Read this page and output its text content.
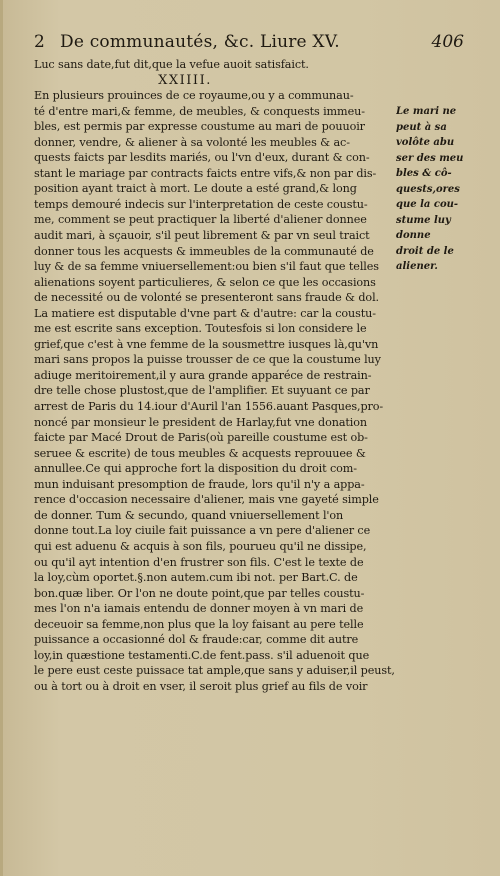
2 De communautés, &c. Liure XV.	406
Luc sans date,fut dit,que la vefue auoit satisfaict.
XXIIII.
En plusieurs prouinces de ce royaume,ou y a communau-
té d'entre mari,& femme, de meubles, & conquests immeu-
bles, est permis par expresse coustume au mari de pouuoir
donner, vendre, & aliener à sa volonté les meubles & ac-
quests faicts par lesdits mariés, ou l'vn d'eux, durant & con-
stant le mariage par contracts faicts entre vifs,& non par dis-
position ayant traict à mort. Le doute a esté grand,& long
temps demouré indecis sur l'interpretation de ceste coustu-
me, comment se peut practiquer la liberté d'aliener donnee
audit mari, à sçauoir, s'il peut librement & par vn seul traict
donner tous les acquests & immeubles de la communauté de
luy & de sa femme vniuersellement:ou bien s'il faut que telles
alienations soyent particulieres, & selon ce que les occasions
de necessité ou de volonté se presenteront sans fraude & dol.
La matiere est disputable d'vne part & d'autre: car la coustu-
me est escrite sans exception. Toutesfois si lon considere le
grief,que c'est à vne femme de la sousmettre iusques là,qu'vn
mari sans propos la puisse trousser de ce que la coustume luy
adiuge meritoirement,il y aura grande apparéce de restrain-
dre telle chose plustost,que de l'amplifier. Et suyuant ce par
arrest de Paris du 14.iour d'Auril l'an 1556.auant Pasques,pro-
noncé par monsieur le president de Harlay,fut vne donation
faicte par Macé Drout de Paris(où pareille coustume est ob-
seruee & escrite) de tous meubles & acquests reprouuee &
annullee.Ce qui approche fort la disposition du droit com-
mun induisant presomption de fraude, lors qu'il n'y a appa-
rence d'occasion necessaire d'aliener, mais vne gayeté simple
de donner. Tum & secundo, quand vniuersellement l'on
donne tout.La loy ciuile fait puissance a vn pere d'aliener ce
qui est aduenu & acquis à son fils, pourueu qu'il ne dissipe,
ou qu'il ayt intention d'en frustrer son fils. C'est le texte de
la loy,cùm oportet.§.non autem.cum ibi not. per Bart.C. de
bon.quæ liber. Or l'on ne doute point,que par telles coustu-
mes l'on n'a iamais entendu de donner moyen à vn mari de
deceuoir sa femme,non plus que la loy faisant au pere telle
puissance a occasionné dol & fraude:car, comme dit autre
loy,in quæstione testamenti.C.de fent.pass. s'il aduenoit que
le pere eust ceste puissace tat ample,que sans y aduiser,il peust,
ou à tort ou à droit en vser, il seroit plus grief au fils de voir
Le mari ne
peut à sa
volôte abu
ser des meu
bles & cô-
quests,ores
que la cou-
stume luy
donne
droit de le
aliener.
